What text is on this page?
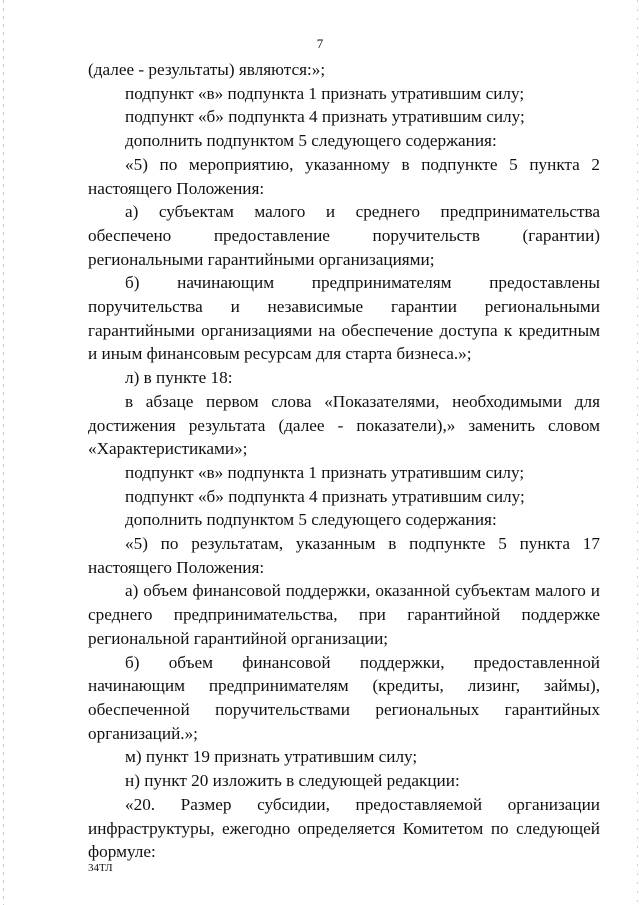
7

(далее - результаты) являются:»;

подпункт «в» подпункта 1 признать утратившим силу;

подпункт «б» подпункта 4 признать утратившим силу;

дополнить подпунктом 5 следующего содержания:

«5) по мероприятию, указанному в подпункте 5 пункта 2 настоящего Положения:

а) субъектам малого и среднего предпринимательства обеспечено предоставление поручительств (гарантии) региональными гарантийными организациями;

б) начинающим предпринимателям предоставлены поручительства и независимые гарантии региональными гарантийными организациями на обеспечение доступа к кредитным и иным финансовым ресурсам для старта бизнеса.»;

л) в пункте 18:

в абзаце первом слова «Показателями, необходимыми для достижения результата (далее - показатели),» заменить словом «Характеристиками»;

подпункт «в» подпункта 1 признать утратившим силу;

подпункт «б» подпункта 4 признать утратившим силу;

дополнить подпунктом 5 следующего содержания:

«5) по результатам, указанным в подпункте 5 пункта 17 настоящего Положения:

а) объем финансовой поддержки, оказанной субъектам малого и среднего предпринимательства, при гарантийной поддержке региональной гарантийной организации;

б) объем финансовой поддержки, предоставленной начинающим предпринимателям (кредиты, лизинг, займы), обеспеченной поручительствами региональных гарантийных организаций.»;

м) пункт 19 признать утратившим силу;

н) пункт 20 изложить в следующей редакции:

«20. Размер субсидии, предоставляемой организации инфраструктуры, ежегодно определяется Комитетом по следующей формуле:

34ТЛ
